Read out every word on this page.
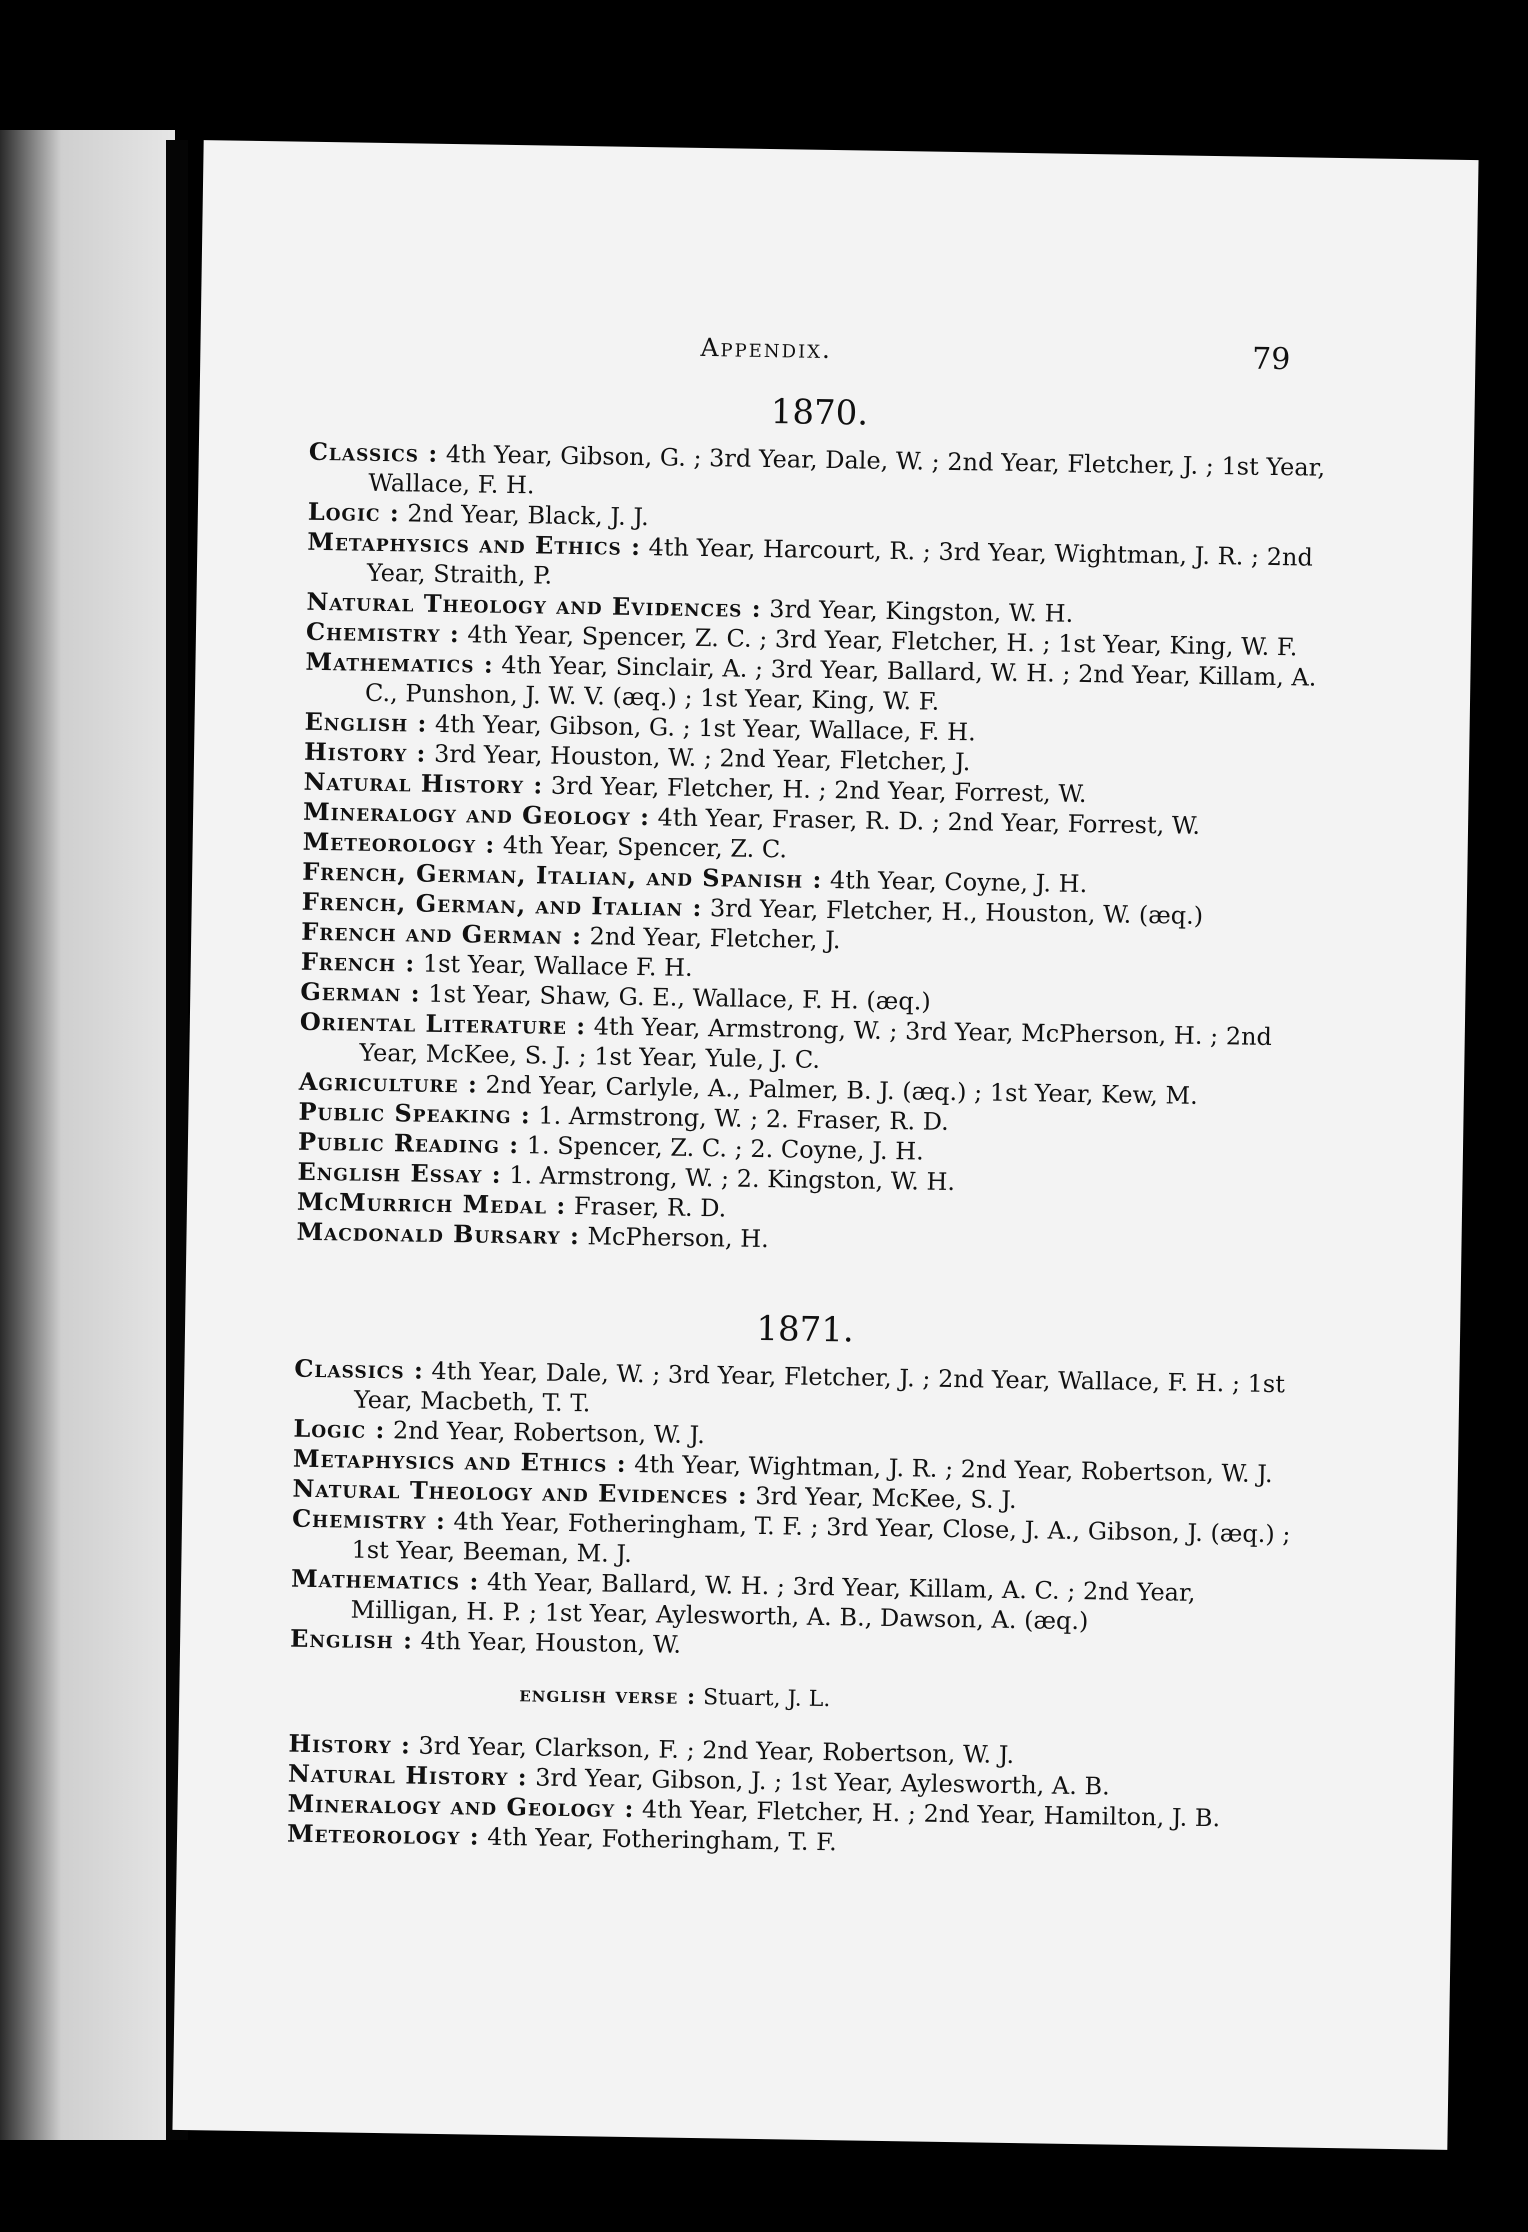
Appendix.	79
1870.

Classics : 4th Year, Gibson, G. ; 3rd Year, Dale, W. ; 2nd Year, Fletcher, J. ; 1st Year, Wallace, F. H.

Logic : 2nd Year, Black, J. J.

Metaphysics and Ethics : 4th Year, Harcourt, R. ; 3rd Year, Wightman, J. R. ; 2nd Year, Straith, P.

Natural Theology and Evidences : 3rd Year, Kingston, W. H.

Chemistry : 4th Year, Spencer, Z. C. ; 3rd Year, Fletcher, H. ; 1st Year, King, W. F.

Mathematics : 4th Year, Sinclair, A. ; 3rd Year, Ballard, W. H. ; 2nd Year, Killam, A. C., Punshon, J. W. V. (æq.) ; 1st Year, King, W. F.

English : 4th Year, Gibson, G. ; 1st Year, Wallace, F. H.

History : 3rd Year, Houston, W. ; 2nd Year, Fletcher, J.

Natural History : 3rd Year, Fletcher, H. ; 2nd Year, Forrest, W.

Mineralogy and Geology : 4th Year, Fraser, R. D. ; 2nd Year, Forrest, W.

Meteorology : 4th Year, Spencer, Z. C.

French, German, Italian, and Spanish : 4th Year, Coyne, J. H.

French, German, and Italian : 3rd Year, Fletcher, H., Houston, W. (æq.)

French and German : 2nd Year, Fletcher, J.

French : 1st Year, Wallace F. H.

German : 1st Year, Shaw, G. E., Wallace, F. H. (æq.)

Oriental Literature : 4th Year, Armstrong, W. ; 3rd Year, McPherson, H. ; 2nd Year, McKee, S. J. ; 1st Year, Yule, J. C.

Agriculture : 2nd Year, Carlyle, A., Palmer, B. J. (æq.) ; 1st Year, Kew, M.

Public Speaking : 1. Armstrong, W. ; 2. Fraser, R. D.

Public Reading : 1. Spencer, Z. C. ; 2. Coyne, J. H.

English Essay : 1. Armstrong, W. ; 2. Kingston, W. H.

McMurrich Medal : Fraser, R. D.

Macdonald Bursary : McPherson, H.

1871.

Classics : 4th Year, Dale, W. ; 3rd Year, Fletcher, J. ; 2nd Year, Wallace, F. H. ; 1st Year, Macbeth, T. T.

Logic : 2nd Year, Robertson, W. J.

Metaphysics and Ethics : 4th Year, Wightman, J. R. ; 2nd Year, Robertson, W. J.

Natural Theology and Evidences : 3rd Year, McKee, S. J.

Chemistry : 4th Year, Fotheringham, T. F. ; 3rd Year, Close, J. A., Gibson, J. (æq.) ; 1st Year, Beeman, M. J.

Mathematics : 4th Year, Ballard, W. H. ; 3rd Year, Killam, A. C. ; 2nd Year, Milligan, H. P. ; 1st Year, Aylesworth, A. B., Dawson, A. (æq.)

English : 4th Year, Houston, W.

english verse : Stuart, J. L.

History : 3rd Year, Clarkson, F. ; 2nd Year, Robertson, W. J.

Natural History : 3rd Year, Gibson, J. ; 1st Year, Aylesworth, A. B.

Mineralogy and Geology : 4th Year, Fletcher, H. ; 2nd Year, Hamilton, J. B.

Meteorology : 4th Year, Fotheringham, T. F.
